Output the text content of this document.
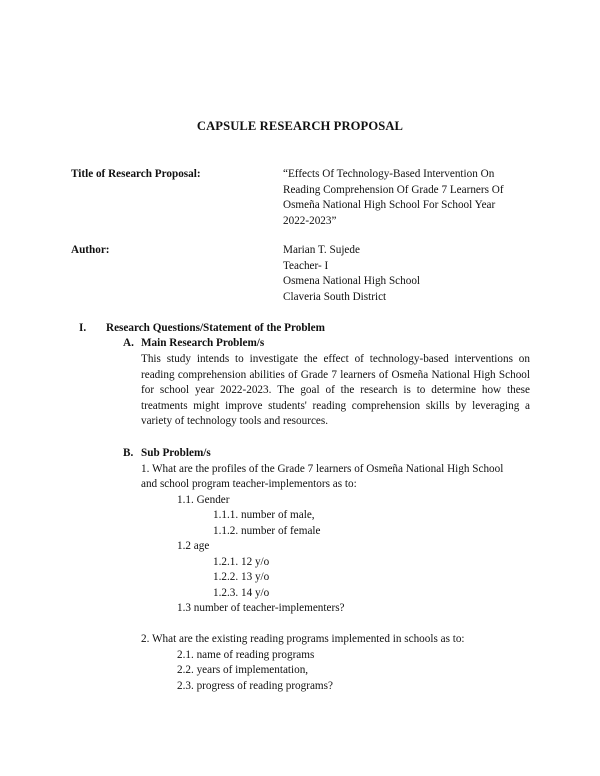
CAPSULE RESEARCH PROPOSAL
Title of Research Proposal:	“Effects Of Technology-Based Intervention On
Reading Comprehension Of Grade 7 Learners Of
Osmeña National High School For School Year
2022-2023”
Author:	Marian T. Sujede
Teacher- I
Osmena National High School
Claveria South District
I. Research Questions/Statement of the Problem
A. Main Research Problem/s
This study intends to investigate the effect of technology-based interventions on reading comprehension abilities of Grade 7 learners of Osmeña National High School for school year 2022-2023. The goal of the research is to determine how these treatments might improve students' reading comprehension skills by leveraging a variety of technology tools and resources.
B. Sub Problem/s
1. What are the profiles of the Grade 7 learners of Osmeña National High School
and school program teacher-implementors as to:
1.1. Gender
1.1.1. number of male,
1.1.2. number of female
1.2 age
1.2.1. 12 y/o
1.2.2. 13 y/o
1.2.3. 14 y/o
1.3 number of teacher-implementers?
2. What are the existing reading programs implemented in schools as to:
2.1. name of reading programs
2.2. years of implementation,
2.3. progress of reading programs?
